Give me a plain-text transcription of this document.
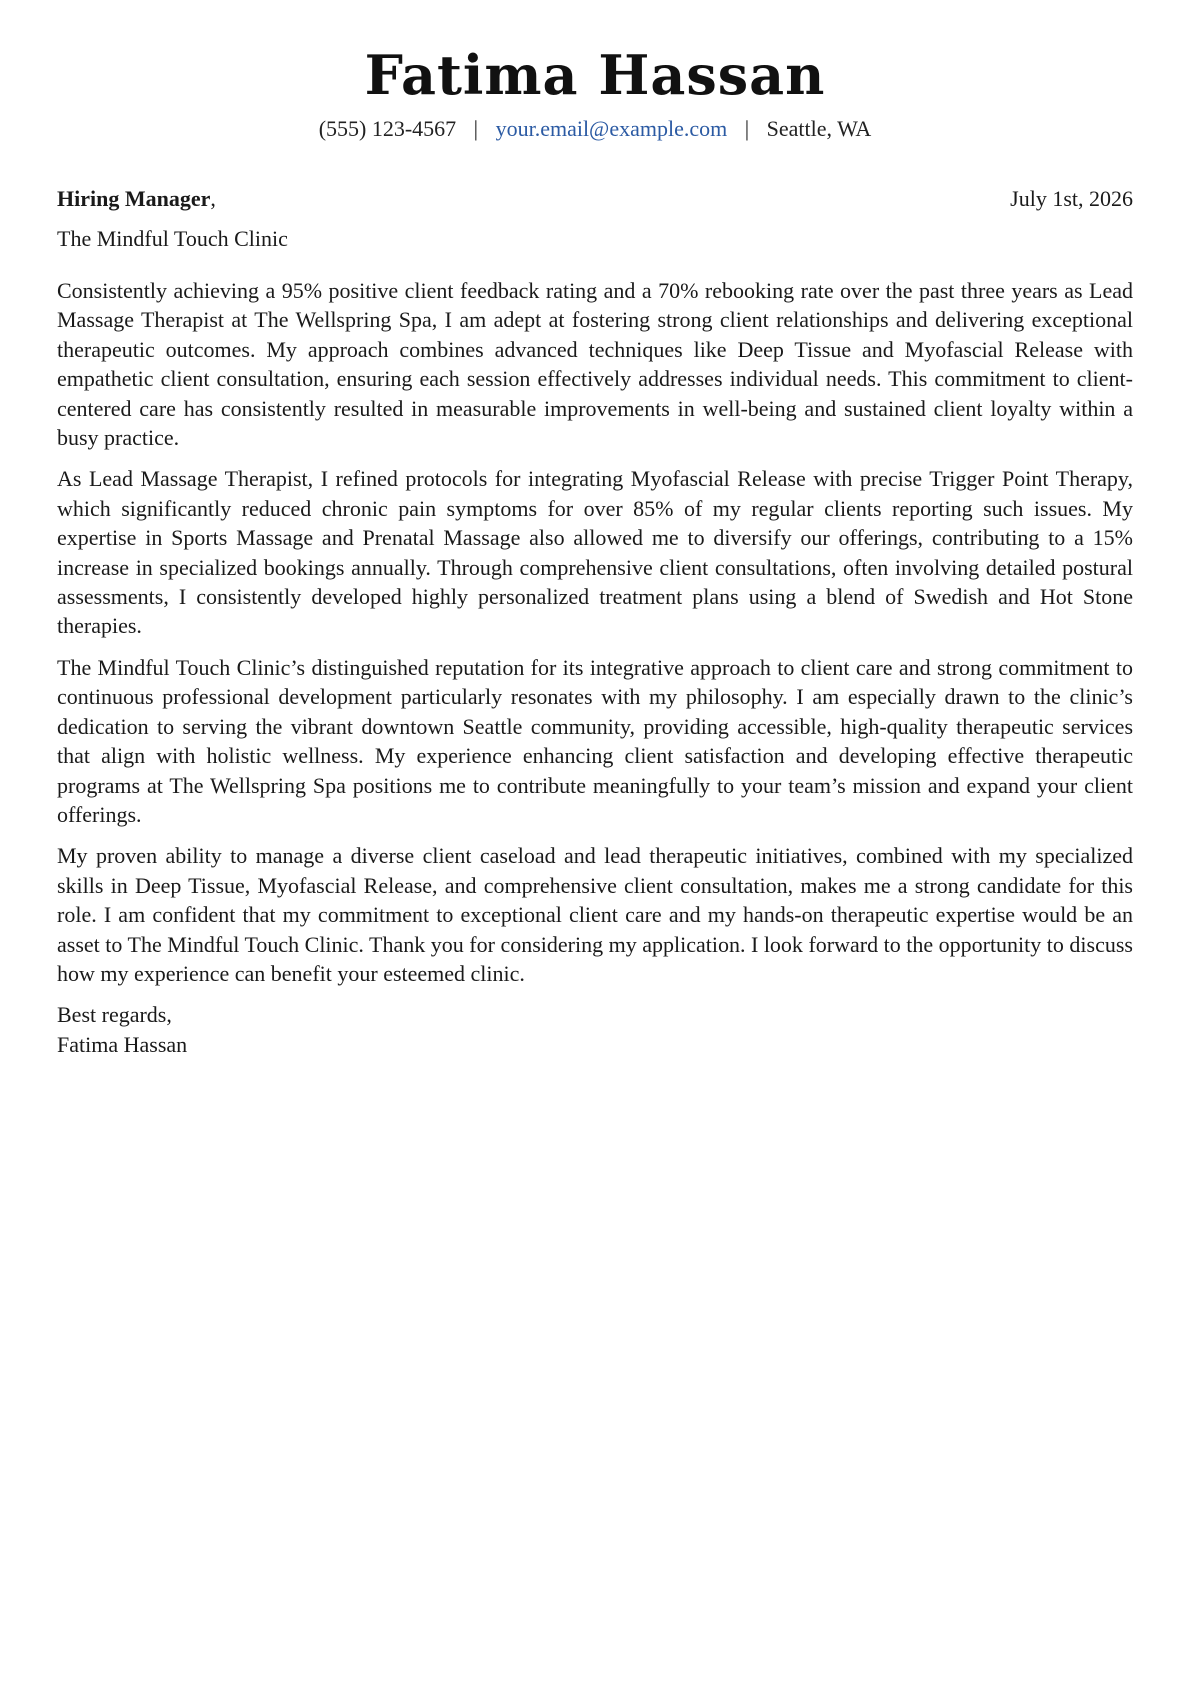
Fatima Hassan
(555) 123-4567 | your.email@example.com | Seattle, WA
Hiring Manager,	July 1st, 2026
The Mindful Touch Clinic

Consistently achieving a 95% positive client feedback rating and a 70% rebooking rate over the past three years as Lead Massage Therapist at The Wellspring Spa, I am adept at fostering strong client relationships and delivering exceptional therapeutic outcomes. My approach combines advanced techniques like Deep Tissue and Myofascial Release with empathetic client consultation, ensuring each session effectively addresses individual needs. This commitment to client-centered care has consistently resulted in measurable improvements in well-being and sustained client loyalty within a busy practice.

As Lead Massage Therapist, I refined protocols for integrating Myofascial Release with precise Trigger Point Therapy, which significantly reduced chronic pain symptoms for over 85% of my regular clients reporting such issues. My expertise in Sports Massage and Prenatal Massage also allowed me to diversify our offerings, contributing to a 15% increase in specialized bookings annually. Through comprehensive client consultations, often involving detailed postural assessments, I consistently developed highly personalized treatment plans using a blend of Swedish and Hot Stone therapies.

The Mindful Touch Clinic’s distinguished reputation for its integrative approach to client care and strong commitment to continuous professional development particularly resonates with my philosophy. I am especially drawn to the clinic’s dedication to serving the vibrant downtown Seattle community, providing accessible, high-quality therapeutic services that align with holistic wellness. My experience enhancing client satisfaction and developing effective therapeutic programs at The Wellspring Spa positions me to contribute meaningfully to your team’s mission and expand your client offerings.

My proven ability to manage a diverse client caseload and lead therapeutic initiatives, combined with my specialized skills in Deep Tissue, Myofascial Release, and comprehensive client consultation, makes me a strong candidate for this role. I am confident that my commitment to exceptional client care and my hands-on therapeutic expertise would be an asset to The Mindful Touch Clinic. Thank you for considering my application. I look forward to the opportunity to discuss how my experience can benefit your esteemed clinic.

Best regards,
Fatima Hassan
